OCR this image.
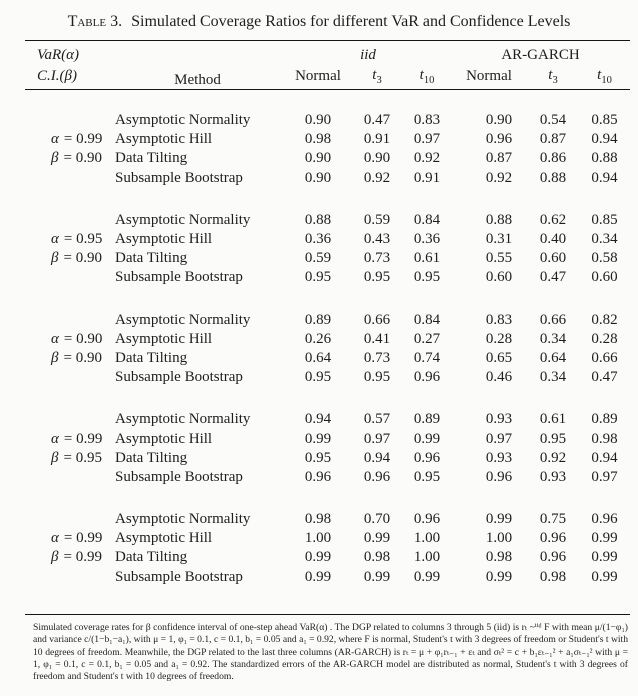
Table 3. Simulated Coverage Ratios for different VaR and Confidence Levels
VaR(α)	Method	iid			AR-GARCH		
C.I.(β)		Normal	$t_3$	$t_{10}$	Normal	$t_3$	$t_{10}$

	Asymptotic Normality	0.90	0.47	0.83	0.90	0.54	0.85
α = 0.99	Asymptotic Hill	0.98	0.91	0.97	0.96	0.87	0.94
β = 0.90	Data Tilting	0.90	0.90	0.92	0.87	0.86	0.88
	Subsample Bootstrap	0.90	0.92	0.91	0.92	0.88	0.94

	Asymptotic Normality	0.88	0.59	0.84	0.88	0.62	0.85
α = 0.95	Asymptotic Hill	0.36	0.43	0.36	0.31	0.40	0.34
β = 0.90	Data Tilting	0.59	0.73	0.61	0.55	0.60	0.58
	Subsample Bootstrap	0.95	0.95	0.95	0.60	0.47	0.60

	Asymptotic Normality	0.89	0.66	0.84	0.83	0.66	0.82
α = 0.90	Asymptotic Hill	0.26	0.41	0.27	0.28	0.34	0.28
β = 0.90	Data Tilting	0.64	0.73	0.74	0.65	0.64	0.66
	Subsample Bootstrap	0.95	0.95	0.96	0.46	0.34	0.47

	Asymptotic Normality	0.94	0.57	0.89	0.93	0.61	0.89
α = 0.99	Asymptotic Hill	0.99	0.97	0.99	0.97	0.95	0.98
β = 0.95	Data Tilting	0.95	0.94	0.96	0.93	0.92	0.94
	Subsample Bootstrap	0.96	0.96	0.95	0.96	0.93	0.97

	Asymptotic Normality	0.98	0.70	0.96	0.99	0.75	0.96
α = 0.99	Asymptotic Hill	1.00	0.99	1.00	1.00	0.96	0.99
β = 0.99	Data Tilting	0.99	0.98	1.00	0.98	0.96	0.99
	Subsample Bootstrap	0.99	0.99	0.99	0.99	0.98	0.99

Simulated coverage rates for β confidence interval of one-step ahead VaR(α) . The DGP related to columns 3 through 5 (iid) is rₜ ~ⁱⁱᵈ F with mean μ/(1−φ₁) and variance c/(1−b₁−a₁), with μ = 1, φ₁ = 0.1, c = 0.1, b₁ = 0.05 and a₁ = 0.92, where F is normal, Student's t with 3 degrees of freedom or Student's t with 10 degrees of freedom. Meanwhile, the DGP related to the last three columns (AR-GARCH) is rₜ = μ + φ₁rₜ₋₁ + εₜ and σₜ² = c + b₁εₜ₋₁² + a₁σₜ₋₁² with μ = 1, φ₁ = 0.1, c = 0.1, b₁ = 0.05 and a₁ = 0.92. The standardized errors of the AR-GARCH model are distributed as normal, Student's t with 3 degrees of freedom and Student's t with 10 degrees of freedom.
